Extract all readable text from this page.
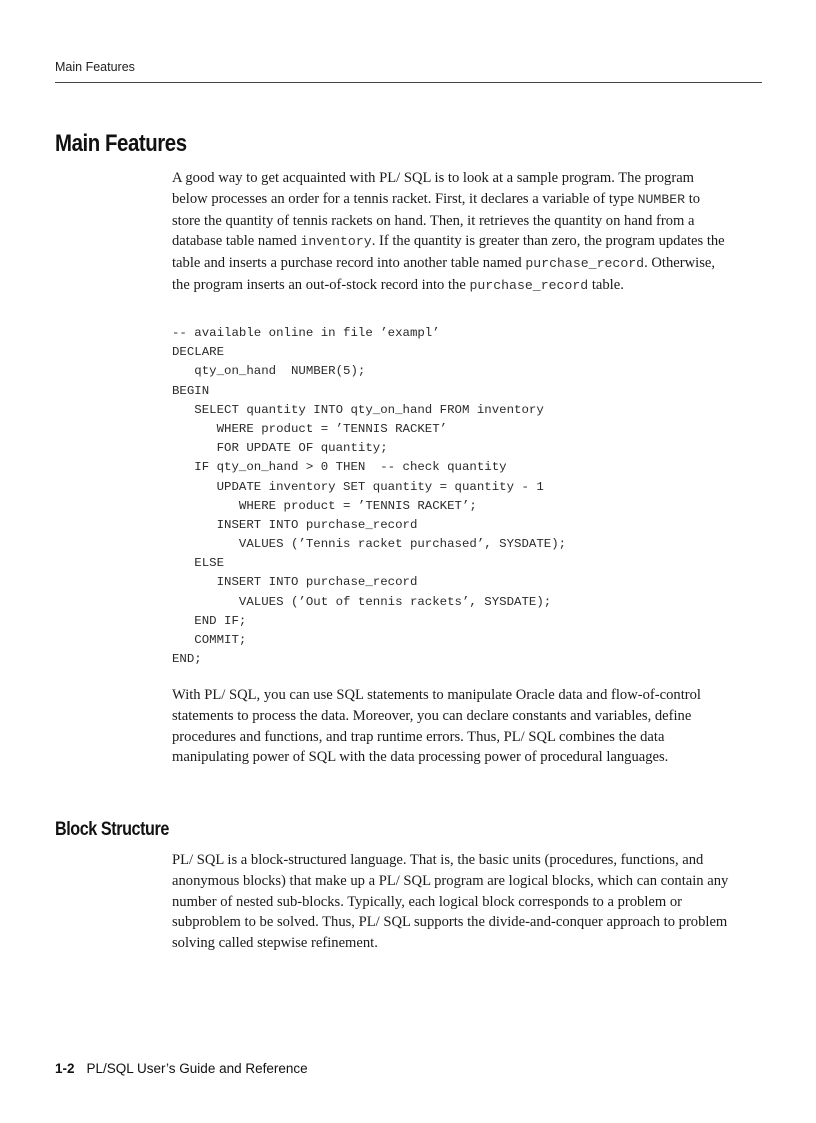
Main Features
Main Features

A good way to get acquainted with PL/ SQL is to look at a sample program. The program below processes an order for a tennis racket. First, it declares a variable of type NUMBER to store the quantity of tennis rackets on hand. Then, it retrieves the quantity on hand from a database table named inventory. If the quantity is greater than zero, the program updates the table and inserts a purchase record into another table named purchase_record. Otherwise, the program inserts an out-of-stock record into the purchase_record table.

-- available online in file ’exampl’
DECLARE
qty_on_hand  NUMBER(5);
BEGIN
SELECT quantity INTO qty_on_hand FROM inventory
WHERE product = ’TENNIS RACKET’
FOR UPDATE OF quantity;
IF qty_on_hand > 0 THEN  -- check quantity
UPDATE inventory SET quantity = quantity - 1
WHERE product = ’TENNIS RACKET’;
INSERT INTO purchase_record
VALUES (’Tennis racket purchased’, SYSDATE);
ELSE
INSERT INTO purchase_record
VALUES (’Out of tennis rackets’, SYSDATE);
END IF;
COMMIT;
END;

With PL/ SQL, you can use SQL statements to manipulate Oracle data and flow-of-control statements to process the data. Moreover, you can declare constants and variables, define procedures and functions, and trap runtime errors. Thus, PL/ SQL combines the data manipulating power of SQL with the data processing power of procedural languages.

Block Structure

PL/ SQL is a block-structured language. That is, the basic units (procedures, functions, and anonymous blocks) that make up a PL/ SQL program are logical blocks, which can contain any number of nested sub-blocks. Typically, each logical block corresponds to a problem or subproblem to be solved. Thus, PL/ SQL supports the divide-and-conquer approach to problem solving called stepwise refinement.

1-2 PL/SQL User’s Guide and Reference
